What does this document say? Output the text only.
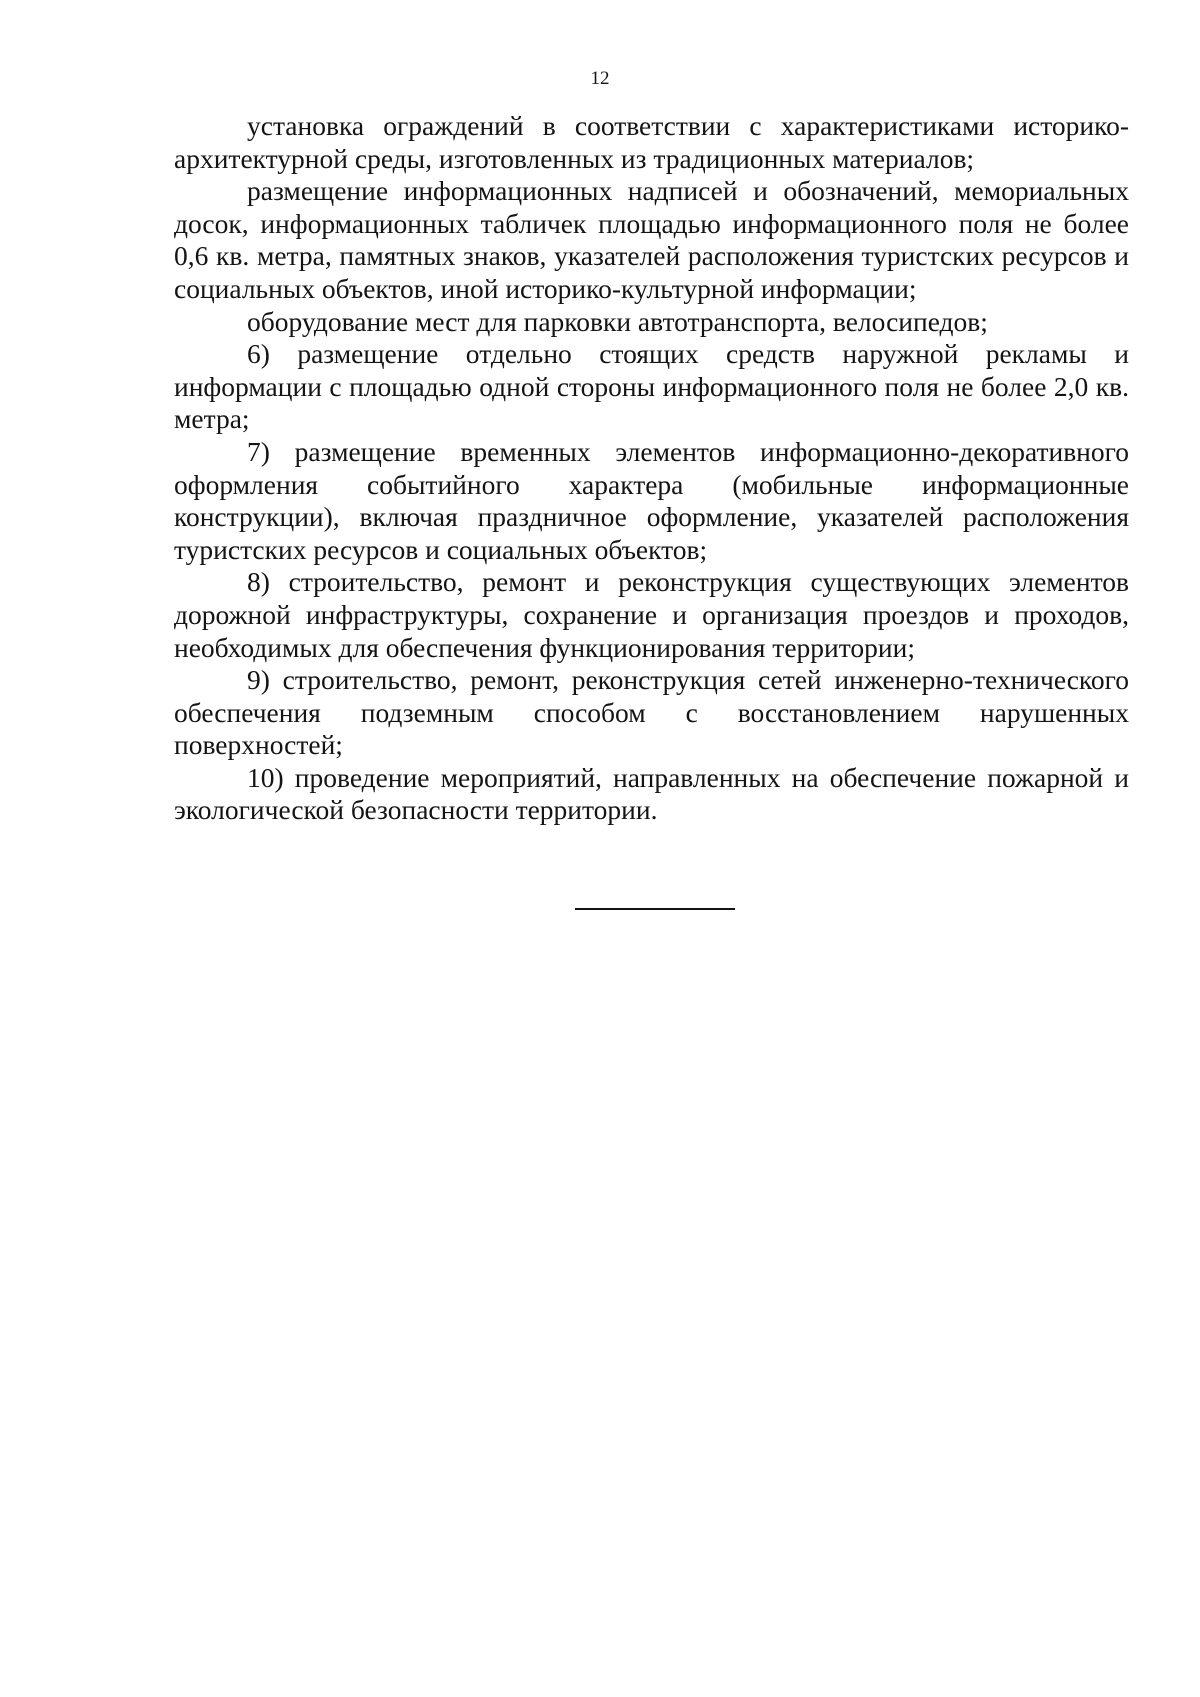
12

установка ограждений в соответствии с характеристиками историко-архитектурной среды, изготовленных из традиционных материалов;

размещение информационных надписей и обозначений, мемориальных досок, информационных табличек площадью информационного поля не более 0,6 кв. метра, памятных знаков, указателей расположения туристских ресурсов и социальных объектов, иной историко-культурной информации;

оборудование мест для парковки автотранспорта, велосипедов;

6) размещение отдельно стоящих средств наружной рекламы и информации с площадью одной стороны информационного поля не более 2,0 кв. метра;

7) размещение временных элементов информационно-декоративного оформления событийного характера (мобильные информационные конструкции), включая праздничное оформление, указателей расположения туристских ресурсов и социальных объектов;

8) строительство, ремонт и реконструкция существующих элементов дорожной инфраструктуры, сохранение и организация проездов и проходов, необходимых для обеспечения функционирования территории;

9) строительство, ремонт, реконструкция сетей инженерно-технического обеспечения подземным способом с восстановлением нарушенных поверхностей;

10) проведение мероприятий, направленных на обеспечение пожарной и экологической безопасности территории.
